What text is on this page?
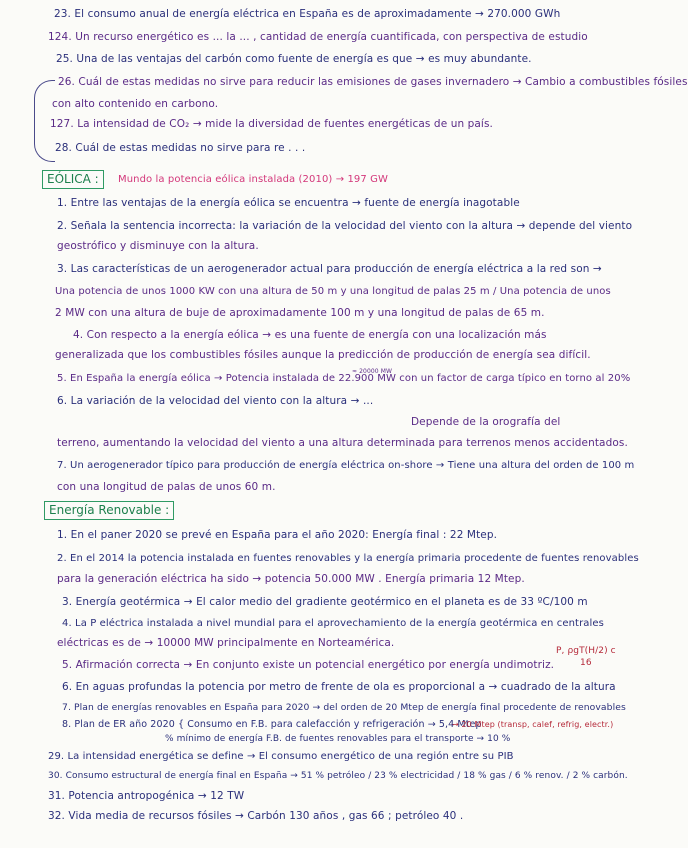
23. El consumo anual de energía eléctrica en España es de aproximadamente → 270.000 GWh
124. Un recurso energético es ... la ... , cantidad de energía cuantificada, con perspectiva de estudio
25. Una de las ventajas del carbón como fuente de energía es que → es muy abundante.
26. Cuál de estas medidas no sirve para reducir las emisiones de gases invernadero → Cambio a combustibles fósiles
con alto contenido en carbono.
127. La intensidad de CO₂ → mide la diversidad de fuentes energéticas de un país.
28. Cuál de estas medidas no sirve para re . . .
EÓLICA :	Mundo la potencia eólica instalada (2010) → 197 GW
1. Entre las ventajas de la energía eólica se encuentra → fuente de energía inagotable
2. Señala la sentencia incorrecta: la variación de la velocidad del viento con la altura → depende del viento
geostrófico y disminuye con la altura.
3. Las características de un aerogenerador actual para producción de energía eléctrica a la red son →
Una potencia de unos 1000 KW con una altura de 50 m y una longitud de palas 25 m / Una potencia de unos
2 MW con una altura de buje de aproximadamente 100 m y una longitud de palas de 65 m.
4. Con respecto a la energía eólica → es una fuente de energía con una localización más
generalizada que los combustibles fósiles aunque la predicción de producción de energía sea difícil.
≈ 20000 MW
5. En España la energía eólica → Potencia instalada de 22.900 MW con un factor de carga típico en torno al 20%
6. La variación de la velocidad del viento con la altura → ...
Depende de la orografía del
terreno, aumentando la velocidad del viento a una altura determinada para terrenos menos accidentados.
7. Un aerogenerador típico para producción de energía eléctrica on-shore → Tiene una altura del orden de 100 m
con una longitud de palas de unos 60 m.
Energía Renovable :
1. En el paner 2020 se prevé en España para el año 2020: Energía final : 22 Mtep.
2. En el 2014 la potencia instalada en fuentes renovables y la energía primaria procedente de fuentes renovables
para la generación eléctrica ha sido → potencia 50.000 MW . Energía primaria 12 Mtep.
3. Energía geotérmica → El calor medio del gradiente geotérmico en el planeta es de 33 ºC/100 m
4. La P eléctrica instalada a nivel mundial para el aprovechamiento de la energía geotérmica en centrales
eléctricas es de → 10000 MW principalmente en Norteamérica.
P, ρgT(H/2) c
16
5. Afirmación correcta → En conjunto existe un potencial energético por energía undimotriz.
6. En aguas profundas la potencia por metro de frente de ola es proporcional a → cuadrado de la altura
7. Plan de energías renovables en España para 2020 → del orden de 20 Mtep de energía final procedente de renovables
8. Plan de ER año 2020 { Consumo en F.B. para calefacción y refrigeración → 5,4 Mtep
→ 20 Mtep (transp, calef, refrig, electr.)
% mínimo de energía F.B. de fuentes renovables para el transporte → 10 %
29. La intensidad energética se define → El consumo energético de una región entre su PIB
30. Consumo estructural de energía final en España → 51 % petróleo / 23 % electricidad / 18 % gas / 6 % renov. / 2 % carbón.
31. Potencia antropogénica → 12 TW
32. Vida media de recursos fósiles → Carbón 130 años , gas 66 ; petróleo 40 .
